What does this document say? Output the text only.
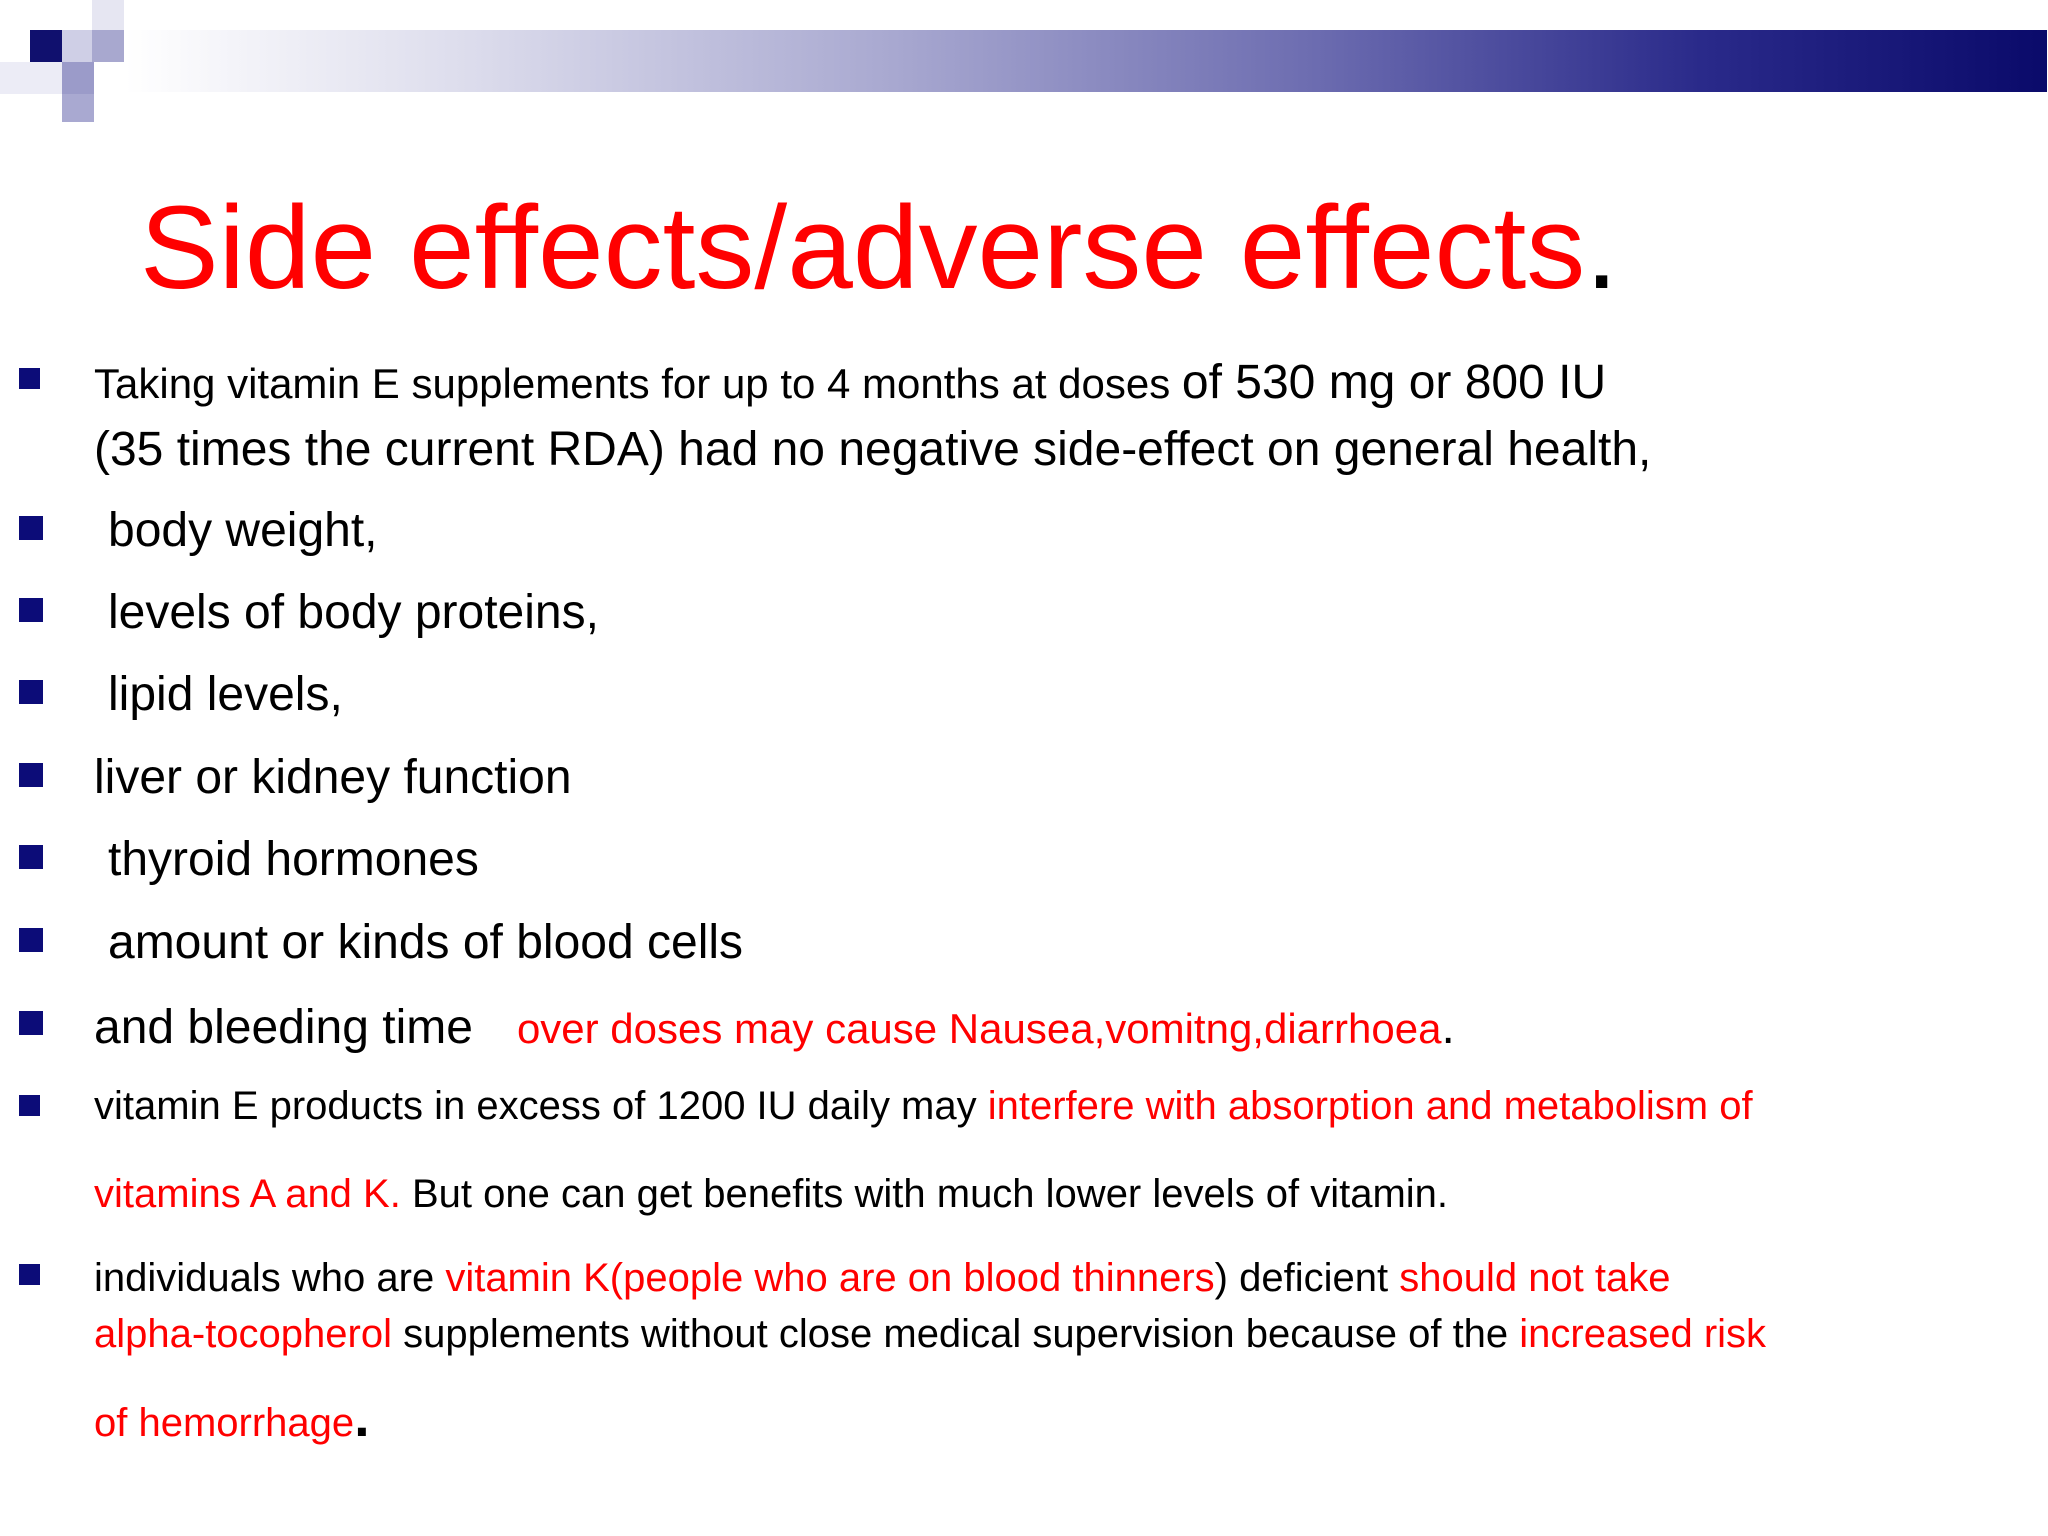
Side effects/adverse effects.
Taking vitamin E supplements for up to 4 months at doses of 530 mg or 800 IU
(35 times the current RDA) had no negative side-effect on general health,
body weight,
levels of body proteins,
lipid levels,
liver or kidney function
thyroid hormones
amount or kinds of blood cells
and bleeding time over doses may cause Nausea,vomitng,diarrhoea.
vitamin E products in excess of 1200 IU daily may interfere with absorption and metabolism of
vitamins A and K. But one can get benefits with much lower levels of vitamin.
individuals who are vitamin K(people who are on blood thinners) deficient should not take
alpha-tocopherol supplements without close medical supervision because of the increased risk
of hemorrhage.
